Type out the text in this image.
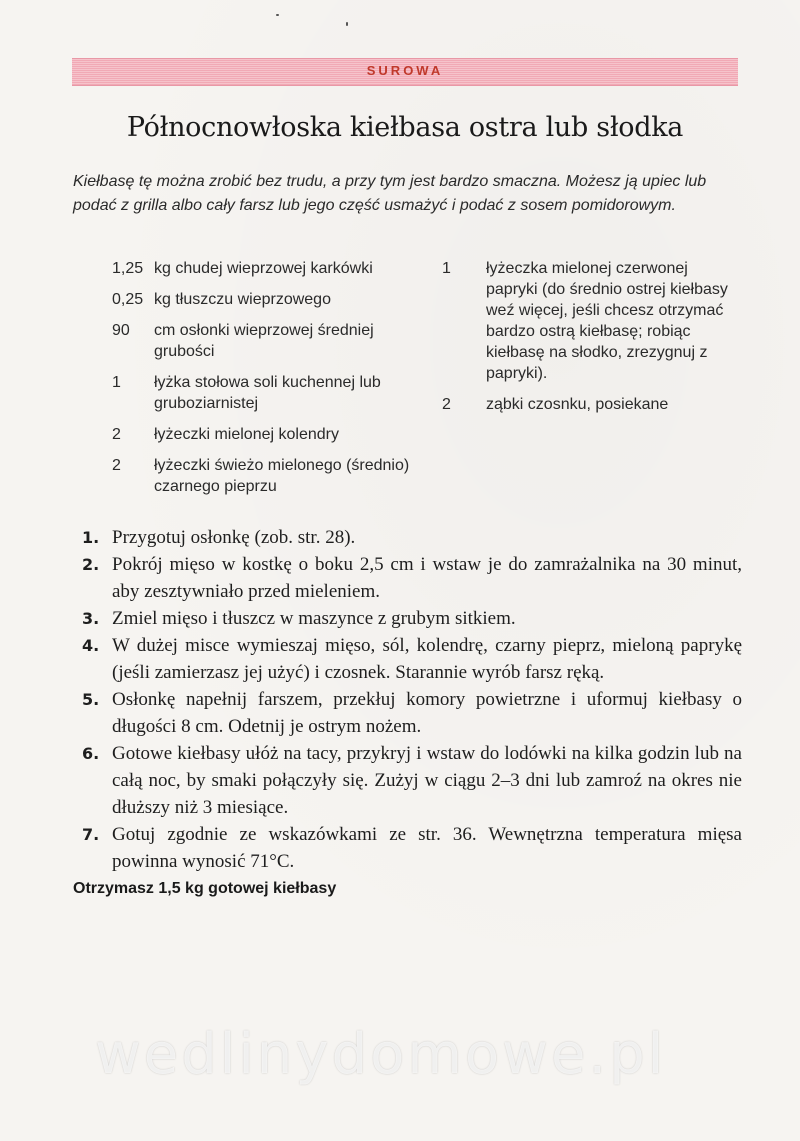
SUROWA
Północnowłoska kiełbasa ostra lub słodka
Kiełbasę tę można zrobić bez trudu, a przy tym jest bardzo smaczna. Możesz ją upiec lub podać z grilla albo cały farsz lub jego część usmażyć i podać z sosem pomidorowym.
1,25 kg chudej wieprzowej karkówki
0,25 kg tłuszczu wieprzowego
90	cm osłonki wieprzowej średniej grubości
1	łyżka stołowa soli kuchennej lub gruboziarnistej
2	łyżeczki mielonej kolendry
2	łyżeczki świeżo mielonego (średnio) czarnego pieprzu
1	łyżeczka mielonej czerwonej papryki (do średnio ostrej kiełbasy weź więcej, jeśli chcesz otrzymać bardzo ostrą kiełbasę; robiąc kiełbasę na słodko, zrezygnuj z papryki).
2	ząbki czosnku, posiekane
1. Przygotuj osłonkę (zob. str. 28).
2. Pokrój mięso w kostkę o boku 2,5 cm i wstaw je do zamrażalnika na 30 minut, aby zesztywniało przed mieleniem.
3. Zmiel mięso i tłuszcz w maszynce z grubym sitkiem.
4. W dużej misce wymieszaj mięso, sól, kolendrę, czarny pieprz, mieloną paprykę (jeśli zamierzasz jej użyć) i czosnek. Starannie wyrób farsz ręką.
5. Osłonkę napełnij farszem, przekłuj komory powietrzne i uformuj kiełbasy o długości 8 cm. Odetnij je ostrym nożem.
6. Gotowe kiełbasy ułóż na tacy, przykryj i wstaw do lodówki na kilka godzin lub na całą noc, by smaki połączyły się. Zużyj w ciągu 2–3 dni lub zamroź na okres nie dłuższy niż 3 miesiące.
7. Gotuj zgodnie ze wskazówkami ze str. 36. Wewnętrzna temperatura mięsa powinna wynosić 71°C.
Otrzymasz 1,5 kg gotowej kiełbasy
wedlinydomowe.pl
